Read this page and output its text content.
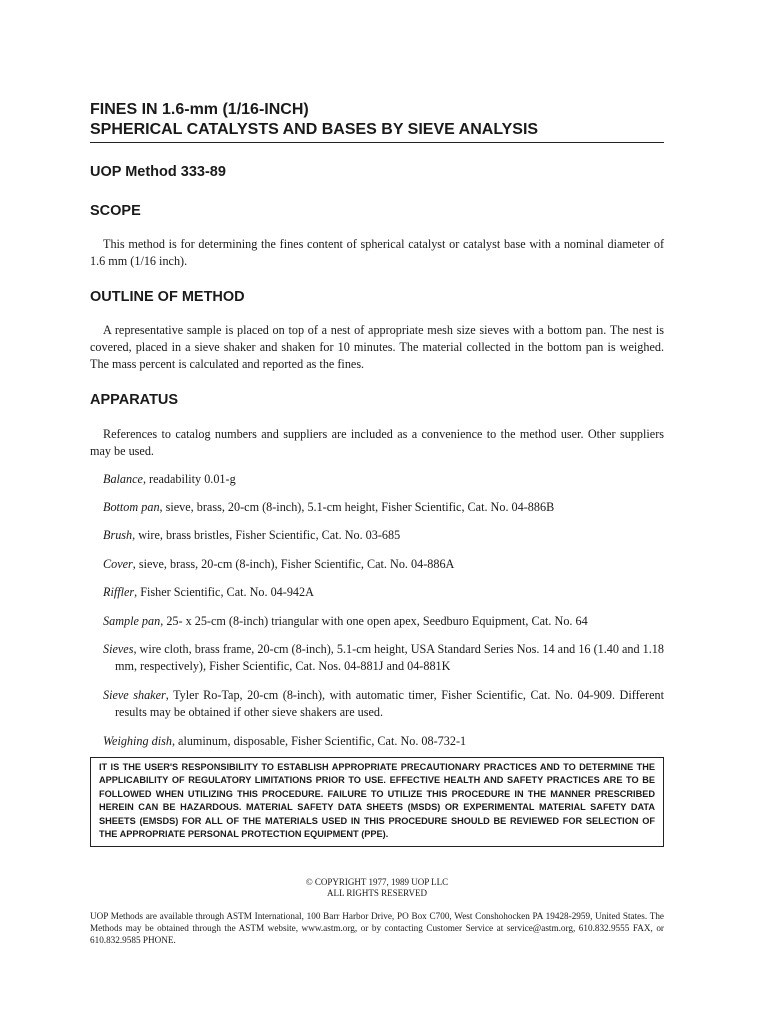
FINES IN 1.6-mm (1/16-INCH)
SPHERICAL CATALYSTS AND BASES BY SIEVE ANALYSIS
UOP Method 333-89
SCOPE

This method is for determining the fines content of spherical catalyst or catalyst base with a nominal diameter of 1.6 mm (1/16 inch).

OUTLINE OF METHOD

A representative sample is placed on top of a nest of appropriate mesh size sieves with a bottom pan. The nest is covered, placed in a sieve shaker and shaken for 10 minutes. The material collected in the bottom pan is weighed. The mass percent is calculated and reported as the fines.

APPARATUS

References to catalog numbers and suppliers are included as a convenience to the method user. Other suppliers may be used.

Balance, readability 0.01-g
Bottom pan, sieve, brass, 20-cm (8-inch), 5.1-cm height, Fisher Scientific, Cat. No. 04-886B
Brush, wire, brass bristles, Fisher Scientific, Cat. No. 03-685
Cover, sieve, brass, 20-cm (8-inch), Fisher Scientific, Cat. No. 04-886A
Riffler, Fisher Scientific, Cat. No. 04-942A
Sample pan, 25- x 25-cm (8-inch) triangular with one open apex, Seedburo Equipment, Cat. No. 64
Sieves, wire cloth, brass frame, 20-cm (8-inch), 5.1-cm height, USA Standard Series Nos. 14 and 16 (1.40 and 1.18 mm, respectively), Fisher Scientific, Cat. Nos. 04-881J and 04-881K
Sieve shaker, Tyler Ro-Tap, 20-cm (8-inch), with automatic timer, Fisher Scientific, Cat. No. 04-909. Different results may be obtained if other sieve shakers are used.
Weighing dish, aluminum, disposable, Fisher Scientific, Cat. No. 08-732-1
IT IS THE USER'S RESPONSIBILITY TO ESTABLISH APPROPRIATE PRECAUTIONARY PRACTICES AND TO DETERMINE THE APPLICABILITY OF REGULATORY LIMITATIONS PRIOR TO USE. EFFECTIVE HEALTH AND SAFETY PRACTICES ARE TO BE FOLLOWED WHEN UTILIZING THIS PROCEDURE. FAILURE TO UTILIZE THIS PROCEDURE IN THE MANNER PRESCRIBED HEREIN CAN BE HAZARDOUS. MATERIAL SAFETY DATA SHEETS (MSDS) OR EXPERIMENTAL MATERIAL SAFETY DATA SHEETS (EMSDS) FOR ALL OF THE MATERIALS USED IN THIS PROCEDURE SHOULD BE REVIEWED FOR SELECTION OF THE APPROPRIATE PERSONAL PROTECTION EQUIPMENT (PPE).
© COPYRIGHT 1977, 1989 UOP LLC
ALL RIGHTS RESERVED
UOP Methods are available through ASTM International, 100 Barr Harbor Drive, PO Box C700, West Conshohocken PA 19428-2959, United States. The Methods may be obtained through the ASTM website, www.astm.org, or by contacting Customer Service at service@astm.org, 610.832.9555 FAX, or 610.832.9585 PHONE.
